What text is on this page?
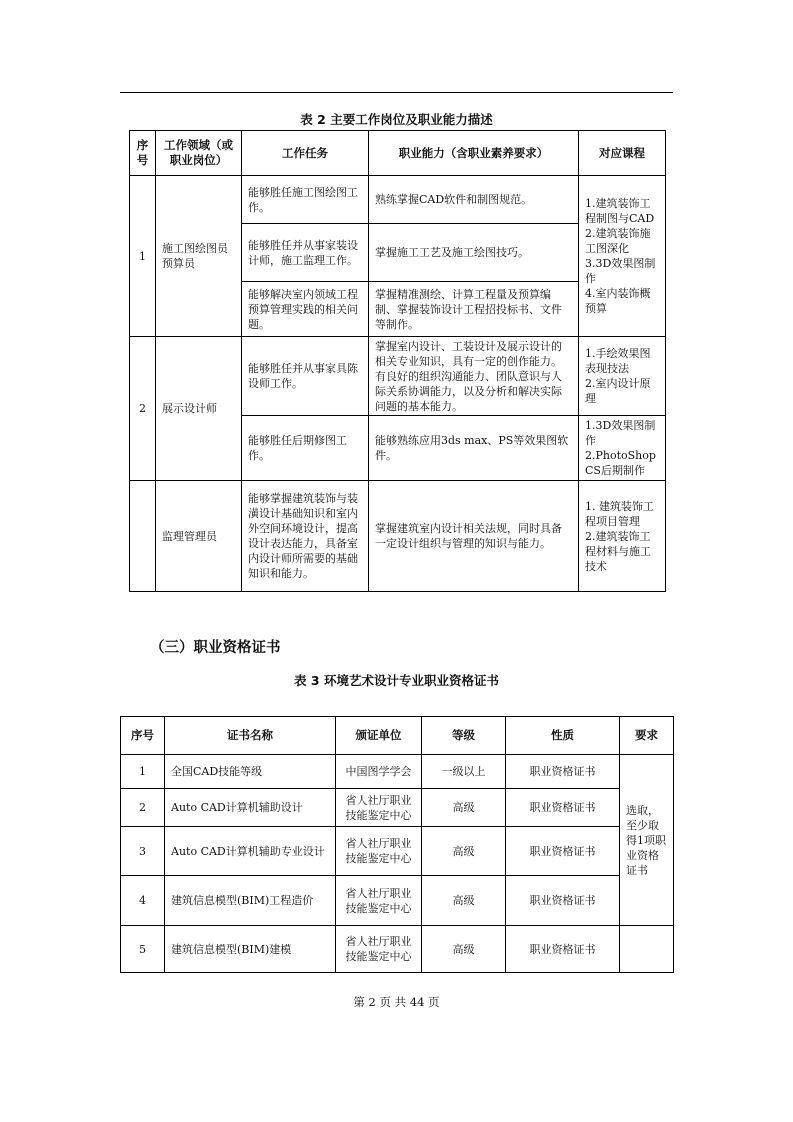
表 2 主要工作岗位及职业能力描述
序号	工作领域（或职业岗位）	工作任务	职业能力（含职业素养要求）	对应课程
1	施工图绘图员预算员	能够胜任施工图绘图工作。	熟练掌握CAD软件和制图规范。	1.建筑装饰工程制图与CAD
2.建筑装饰施工图深化
3.3D效果图制作
4.室内装饰概预算
		能够胜任并从事家装设计师，施工监理工作。	掌握施工工艺及施工绘图技巧。	
		能够解决室内领域工程预算管理实践的相关问题。	掌握精准测绘、计算工程量及预算编制、掌握装饰设计工程招投标书、文件等制作。	
2	展示设计师	能够胜任并从事家具陈设师工作。	掌握室内设计、工装设计及展示设计的相关专业知识，具有一定的创作能力。有良好的组织沟通能力、团队意识与人际关系协调能力，以及分析和解决实际问题的基本能力。	1.手绘效果图表现技法
2.室内设计原理
		能够胜任后期修图工作。	能够熟练应用3ds max、PS等效果图软件。	1.3D效果图制作
2.PhotoShop CS后期制作
	监理管理员	能够掌握建筑装饰与装潢设计基础知识和室内外空间环境设计，提高设计表达能力，具备室内设计师所需要的基础知识和能力。	掌握建筑室内设计相关法规，同时具备一定设计组织与管理的知识与能力。	1. 建筑装饰工程项目管理
2.建筑装饰工程材料与施工技术
（三）职业资格证书
表 3 环境艺术设计专业职业资格证书
序号	证书名称	颁证单位	等级	性质	要求
1	全国CAD技能等级	中国图学学会	一级以上	职业资格证书	选取，至少取得1项职业资格证书
2	Auto CAD计算机辅助设计	省人社厅职业技能鉴定中心	高级	职业资格证书	
3	Auto CAD计算机辅助专业设计	省人社厅职业技能鉴定中心	高级	职业资格证书	
4	建筑信息模型(BIM)工程造价	省人社厅职业技能鉴定中心	高级	职业资格证书	
5	建筑信息模型(BIM)建模	省人社厅职业技能鉴定中心	高级	职业资格证书	
第 2 页 共 44 页
